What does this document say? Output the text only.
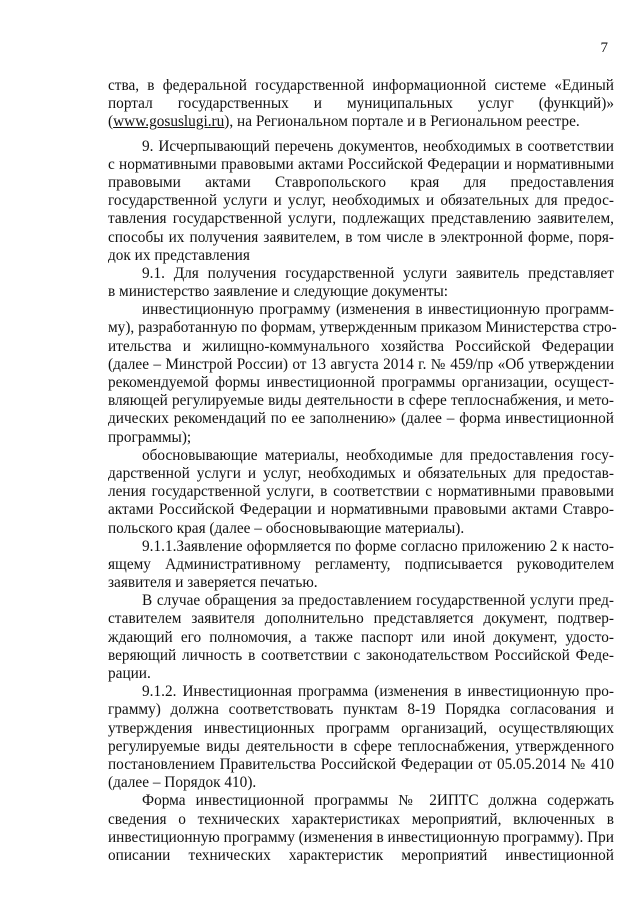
7
ства, в федеральной государственной информационной системе «Единый
портал государственных и муниципальных услуг (функций)»
(www.gosuslugi.ru), на Региональном портале и в Региональном реестре.
9. Исчерпывающий перечень документов, необходимых в соответствии
с нормативными правовыми актами Российской Федерации и нормативными
правовыми актами Ставропольского края для предоставления
государственной услуги и услуг, необходимых и обязательных для предос-
тавления государственной услуги, подлежащих представлению заявителем,
способы их получения заявителем, в том числе в электронной форме, поря-
док их представления
9.1. Для получения государственной услуги заявитель представляет
в министерство заявление и следующие документы:
инвестиционную программу (изменения в инвестиционную программ-
му), разработанную по формам, утвержденным приказом Министерства стро-
ительства и жилищно-коммунального хозяйства Российской Федерации
(далее – Минстрой России) от 13 августа 2014 г. № 459/пр «Об утверждении
рекомендуемой формы инвестиционной программы организации, осущест-
вляющей регулируемые виды деятельности в сфере теплоснабжения, и мето-
дических рекомендаций по ее заполнению» (далее – форма инвестиционной
программы);
обосновывающие материалы, необходимые для предоставления госу-
дарственной услуги и услуг, необходимых и обязательных для предостав-
ления государственной услуги, в соответствии с нормативными правовыми
актами Российской Федерации и нормативными правовыми актами Ставро-
польского края (далее – обосновывающие материалы).
9.1.1.Заявление оформляется по форме согласно приложению 2 к насто-
ящему Административному регламенту, подписывается руководителем
заявителя и заверяется печатью.
В случае обращения за предоставлением государственной услуги пред-
ставителем заявителя дополнительно представляется документ, подтвер-
ждающий его полномочия, а также паспорт или иной документ, удосто-
веряющий личность в соответствии с законодательством Российской Феде-
рации.
9.1.2. Инвестиционная программа (изменения в инвестиционную про-
грамму) должна соответствовать пунктам 8-19 Порядка согласования и
утверждения инвестиционных программ организаций, осуществляющих
регулируемые виды деятельности в сфере теплоснабжения, утвержденного
постановлением Правительства Российской Федерации от 05.05.2014 № 410
(далее – Порядок 410).
Форма инвестиционной программы № 2ИПТС должна содержать
сведения о технических характеристиках мероприятий, включенных в
инвестиционную программу (изменения в инвестиционную программу). При
описании технических характеристик мероприятий инвестиционной
